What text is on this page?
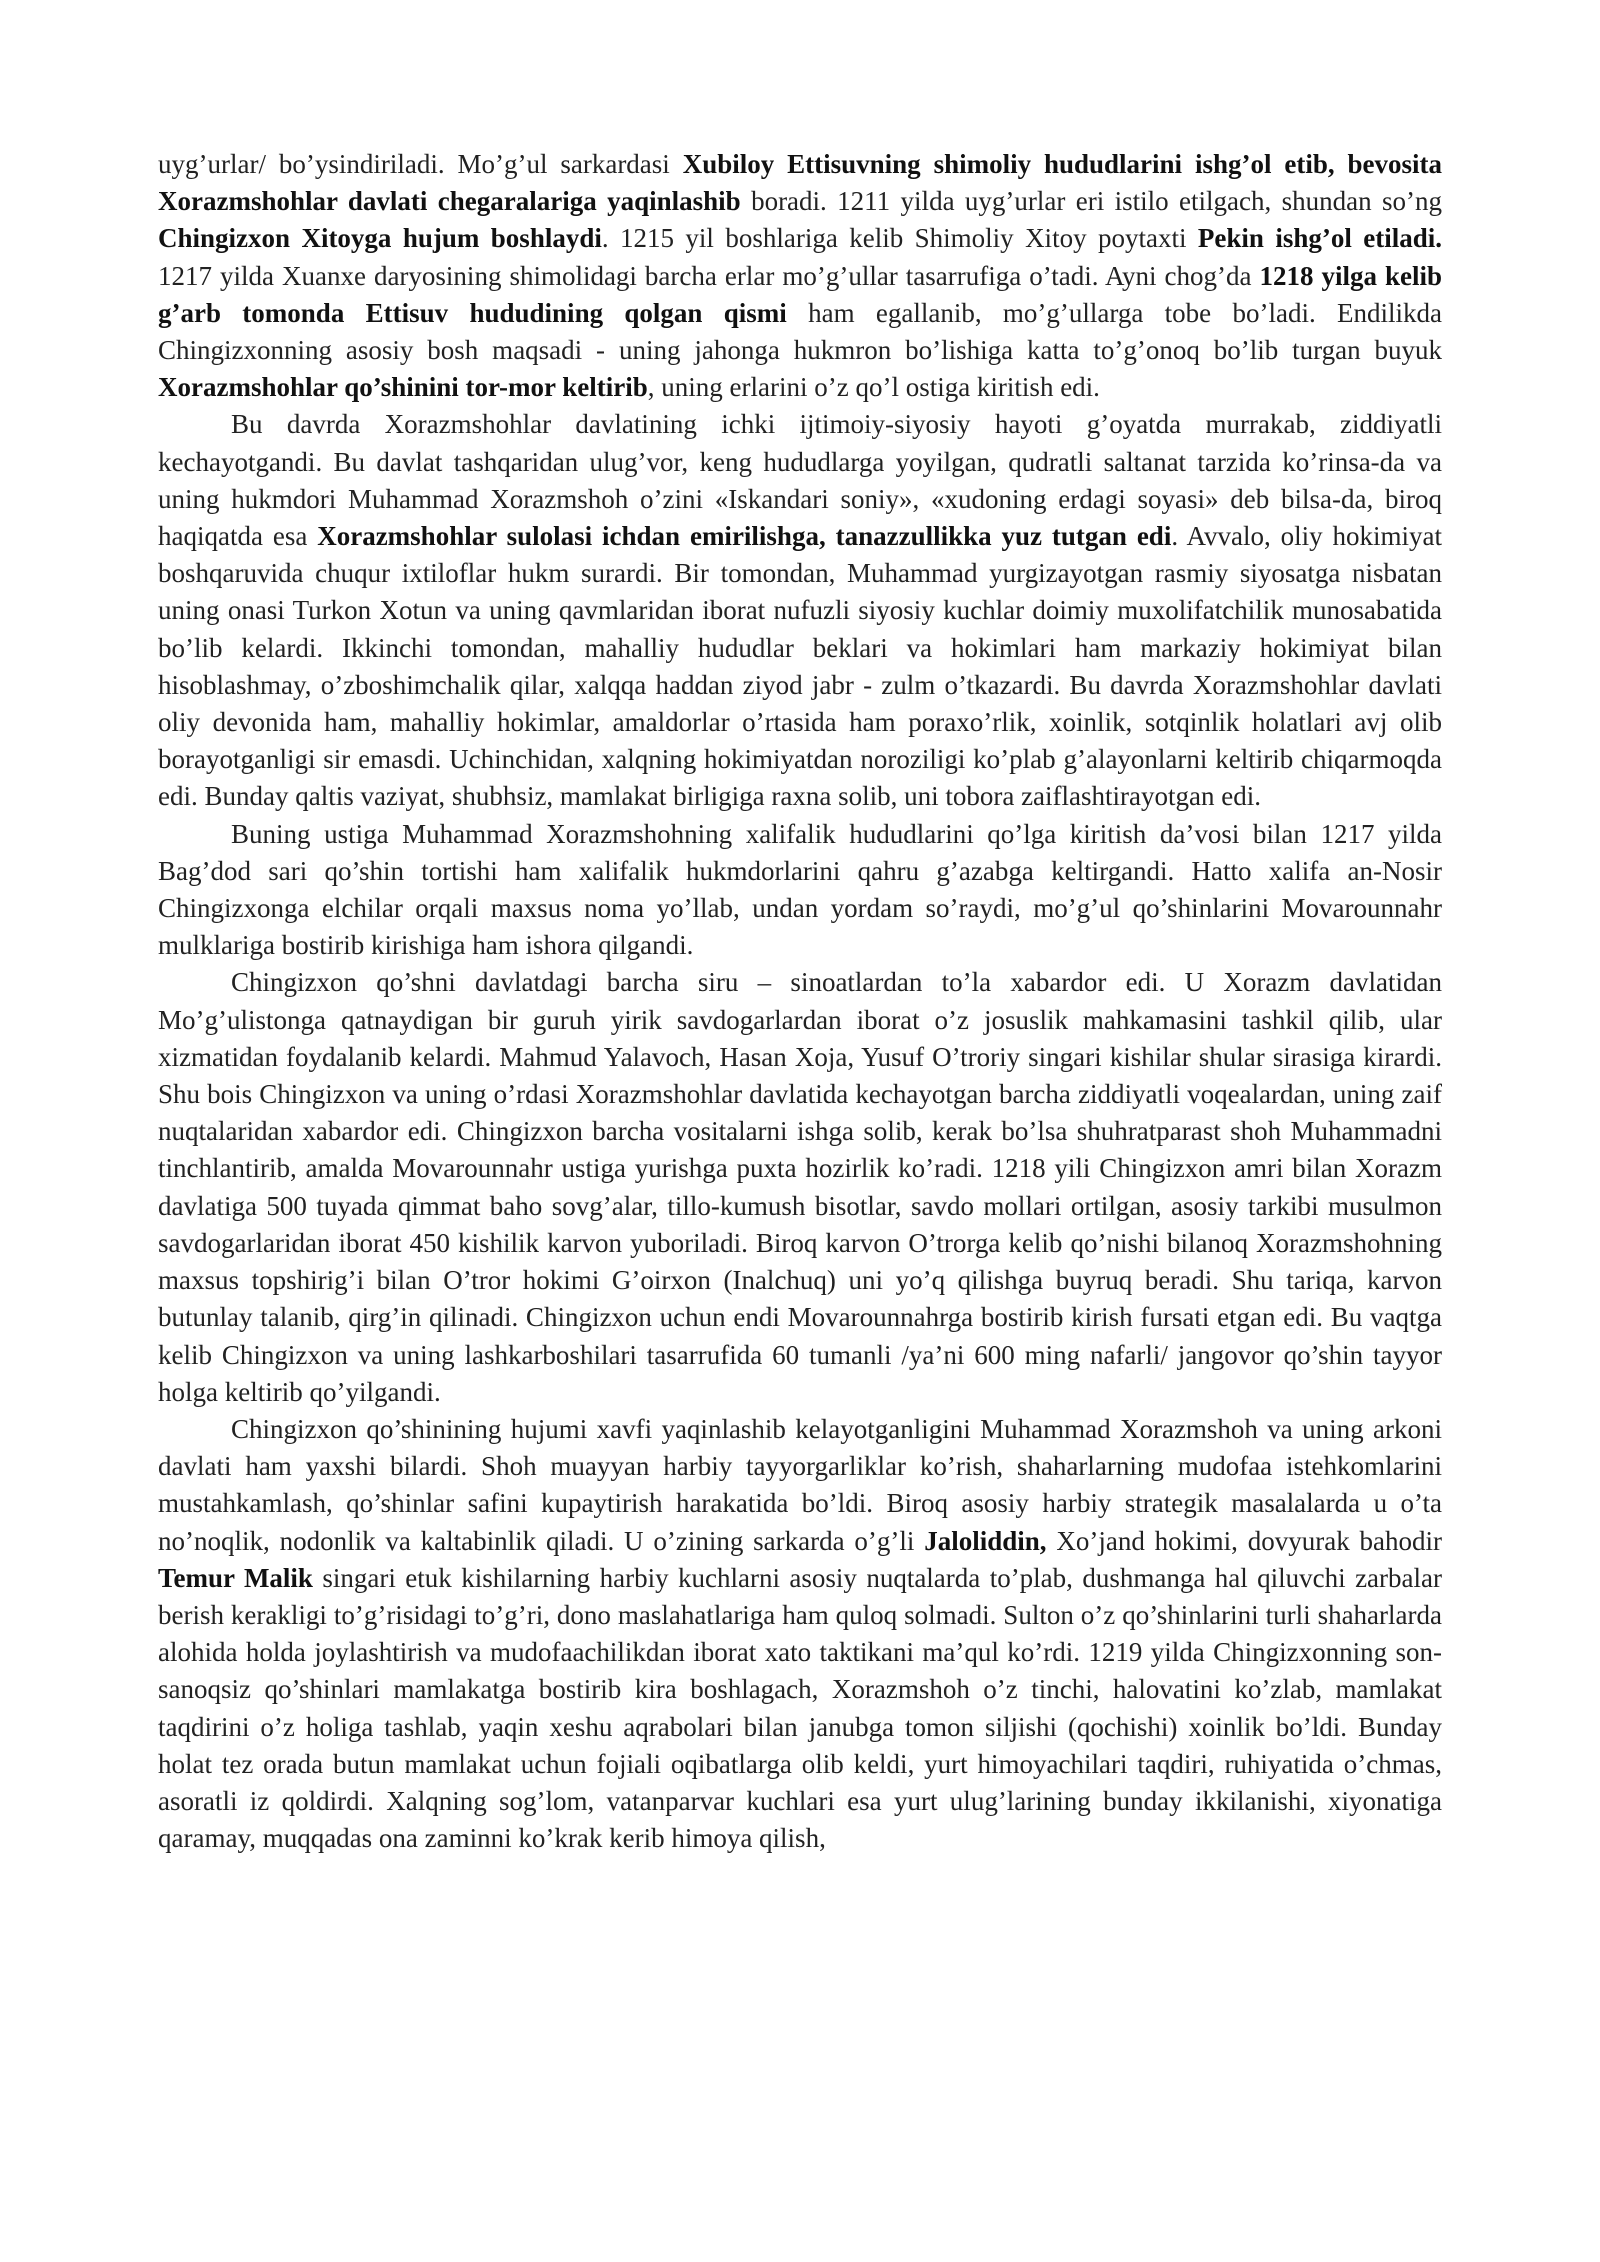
uyg’urlar/ bo’ysindiriladi. Mo’g’ul sarkardasi Xubiloy Ettisuvning shimoliy hududlarini ishg’ol etib, bevosita Xorazmshohlar davlati chegaralariga yaqinlashib boradi. 1211 yilda uyg’urlar eri istilo etilgach, shundan so’ng Chingizxon Xitoyga hujum boshlaydi. 1215 yil boshlariga kelib Shimoliy Xitoy poytaxti Pekin ishg’ol etiladi. 1217 yilda Xuanxe daryosining shimolidagi barcha erlar mo’g’ullar tasarrufiga o’tadi. Ayni chog’da 1218 yilga kelib g’arb tomonda Ettisuv hududining qolgan qismi ham egallanib, mo’g’ullarga tobe bo’ladi. Endilikda Chingizxonning asosiy bosh maqsadi - uning jahonga hukmron bo’lishiga katta to’g’onoq bo’lib turgan buyuk Xorazmshohlar qo’shinini tor-mor keltirib, uning erlarini o’z qo’l ostiga kiritish edi.

Bu davrda Xorazmshohlar davlatining ichki ijtimoiy-siyosiy hayoti g’oyatda murrakab, ziddiyatli kechayotgandi. Bu davlat tashqaridan ulug’vor, keng hududlarga yoyilgan, qudratli saltanat tarzida ko’rinsa-da va uning hukmdori Muhammad Xorazmshoh o’zini «Iskandari soniy», «xudoning erdagi soyasi» deb bilsa-da, biroq haqiqatda esa Xorazmshohlar sulolasi ichdan emirilishga, tanazzullikka yuz tutgan edi. Avvalo, oliy hokimiyat boshqaruvida chuqur ixtiloflar hukm surardi. Bir tomondan, Muhammad yurgizayotgan rasmiy siyosatga nisbatan uning onasi Turkon Xotun va uning qavmlaridan iborat nufuzli siyosiy kuchlar doimiy muxolifatchilik munosabatida bo’lib kelardi. Ikkinchi tomondan, mahalliy hududlar beklari va hokimlari ham markaziy hokimiyat bilan hisoblashmay, o’zboshimchalik qilar, xalqqa haddan ziyod jabr - zulm o’tkazardi. Bu davrda Xorazmshohlar davlati oliy devonida ham, mahalliy hokimlar, amaldorlar o’rtasida ham poraxo’rlik, xoinlik, sotqinlik holatlari avj olib borayotganligi sir emasdi. Uchinchidan, xalqning hokimiyatdan noroziligi ko’plab g’alayonlarni keltirib chiqarmoqda edi. Bunday qaltis vaziyat, shubhsiz, mamlakat birligiga raxna solib, uni tobora zaiflashtirayotgan edi.

Buning ustiga Muhammad Xorazmshohning xalifalik hududlarini qo’lga kiritish da’vosi bilan 1217 yilda Bag’dod sari qo’shin tortishi ham xalifalik hukmdorlarini qahru g’azabga keltirgandi. Hatto xalifa an-Nosir Chingizxonga elchilar orqali maxsus noma yo’llab, undan yordam so’raydi, mo’g’ul qo’shinlarini Movarounnahr mulklariga bostirib kirishiga ham ishora qilgandi.

Chingizxon qo’shni davlatdagi barcha siru – sinoatlardan to’la xabardor edi. U Xorazm davlatidan Mo’g’ulistonga qatnaydigan bir guruh yirik savdogarlardan iborat o’z josuslik mahkamasini tashkil qilib, ular xizmatidan foydalanib kelardi. Mahmud Yalavoch, Hasan Xoja, Yusuf O’troriy singari kishilar shular sirasiga kirardi. Shu bois Chingizxon va uning o’rdasi Xorazmshohlar davlatida kechayotgan barcha ziddiyatli voqealardan, uning zaif nuqtalaridan xabardor edi. Chingizxon barcha vositalarni ishga solib, kerak bo’lsa shuhratparast shoh Muhammadni tinchlantirib, amalda Movarounnahr ustiga yurishga puxta hozirlik ko’radi. 1218 yili Chingizxon amri bilan Xorazm davlatiga 500 tuyada qimmat baho sovg’alar, tillo-kumush bisotlar, savdo mollari ortilgan, asosiy tarkibi musulmon savdogarlaridan iborat 450 kishilik karvon yuboriladi. Biroq karvon O’trorga kelib qo’nishi bilanoq Xorazmshohning maxsus topshirig’i bilan O’tror hokimi G’oirxon (Inalchuq) uni yo’q qilishga buyruq beradi. Shu tariqa, karvon butunlay talanib, qirg’in qilinadi. Chingizxon uchun endi Movarounnahrga bostirib kirish fursati etgan edi. Bu vaqtga kelib Chingizxon va uning lashkarboshilari tasarrufida 60 tumanli /ya’ni 600 ming nafarli/ jangovor qo’shin tayyor holga keltirib qo’yilgandi.

Chingizxon qo’shinining hujumi xavfi yaqinlashib kelayotganligini Muhammad Xorazmshoh va uning arkoni davlati ham yaxshi bilardi. Shoh muayyan harbiy tayyorgarliklar ko’rish, shaharlarning mudofaa istehkomlarini mustahkamlash, qo’shinlar safini kupaytirish harakatida bo’ldi. Biroq asosiy harbiy strategik masalalarda u o’ta no’noqlik, nodonlik va kaltabinlik qiladi. U o’zining sarkarda o’g’li Jaloliddin, Xo’jand hokimi, dovyurak bahodir Temur Malik singari etuk kishilarning harbiy kuchlarni asosiy nuqtalarda to’plab, dushmanga hal qiluvchi zarbalar berish kerakligi to’g’risidagi to’g’ri, dono maslahatlariga ham quloq solmadi. Sulton o’z qo’shinlarini turli shaharlarda alohida holda joylashtirish va mudofaachilikdan iborat xato taktikani ma’qul ko’rdi. 1219 yilda Chingizxonning son-sanoqsiz qo’shinlari mamlakatga bostirib kira boshlagach, Xorazmshoh o’z tinchi, halovatini ko’zlab, mamlakat taqdirini o’z holiga tashlab, yaqin xeshu aqrabolari bilan janubga tomon siljishi (qochishi) xoinlik bo’ldi. Bunday holat tez orada butun mamlakat uchun fojiali oqibatlarga olib keldi, yurt himoyachilari taqdiri, ruhiyatida o’chmas, asoratli iz qoldirdi. Xalqning sog’lom, vatanparvar kuchlari esa yurt ulug’larining bunday ikkilanishi, xiyonatiga qaramay, muqqadas ona zaminni ko’krak kerib himoya qilish,
